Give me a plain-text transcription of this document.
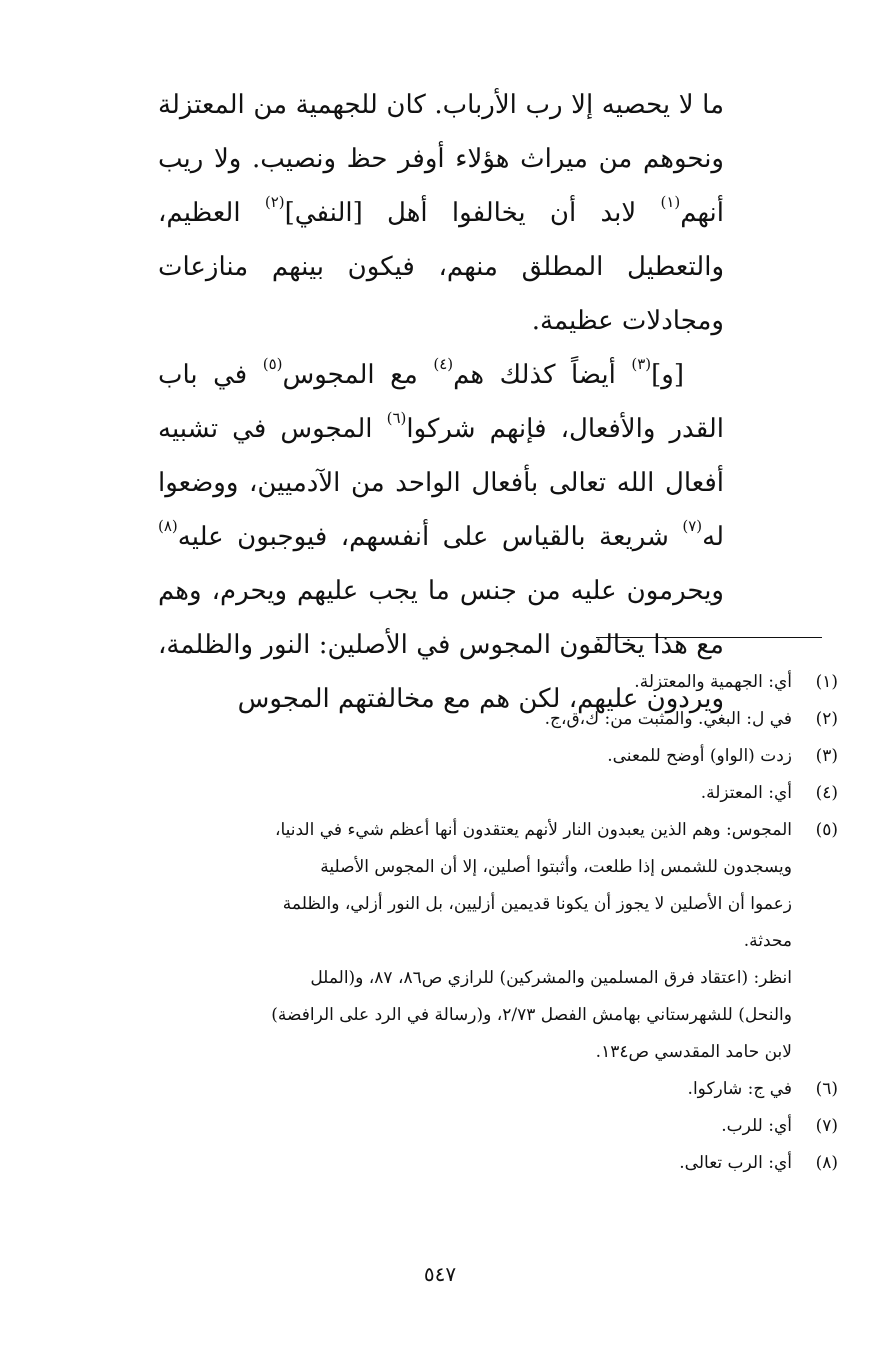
ما لا يحصيه إلا رب الأرباب. كان للجهمية من المعتزلة ونحوهم من ميراث هؤلاء أوفر حظ ونصيب. ولا ريب أنهم$^{(١)}$ لابد أن يخالفوا أهل [النفي]$^{(٢)}$ العظيم، والتعطيل المطلق منهم، فيكون بينهم منازعات ومجادلات عظيمة.

[و]$^{(٣)}$ أيضاً كذلك هم$^{(٤)}$ مع المجوس$^{(٥)}$ في باب القدر والأفعال، فإنهم شركوا$^{(٦)}$ المجوس في تشبيه أفعال الله تعالى بأفعال الواحد من الآدميين، ووضعوا له$^{(٧)}$ شريعة بالقياس على أنفسهم، فيوجبون عليه$^{(٨)}$ ويحرمون عليه من جنس ما يجب عليهم ويحرم، وهم مع هذا يخالفون المجوس في الأصلين: النور والظلمة، ويردون عليهم، لكن هم مع مخالفتهم المجوس

(١)
أي: الجهمية والمعتزلة.
(٢)
في ل: البغي. والمثبت من: ك،ق،ج.
(٣)
زدت (الواو) أوضح للمعنى.
(٤)
أي: المعتزلة.
(٥)
المجوس: وهم الذين يعبدون النار لأنهم يعتقدون أنها أعظم شيء في الدنيا،
ويسجدون للشمس إذا طلعت، وأثبتوا أصلين، إلا أن المجوس الأصلية
زعموا أن الأصلين لا يجوز أن يكونا قديمين أزليين، بل النور أزلي، والظلمة
محدثة.
انظر: (اعتقاد فرق المسلمين والمشركين) للرازي ص٨٦، ٨٧، و(الملل
والنحل) للشهرستاني بهامش الفصل ٢/٧٣، و(رسالة في الرد على الرافضة)
لابن حامد المقدسي ص١٣٤.
(٦)
في ج: شاركوا.
(٧)
أي: للرب.
(٨)
أي: الرب تعالى.
٥٤٧
